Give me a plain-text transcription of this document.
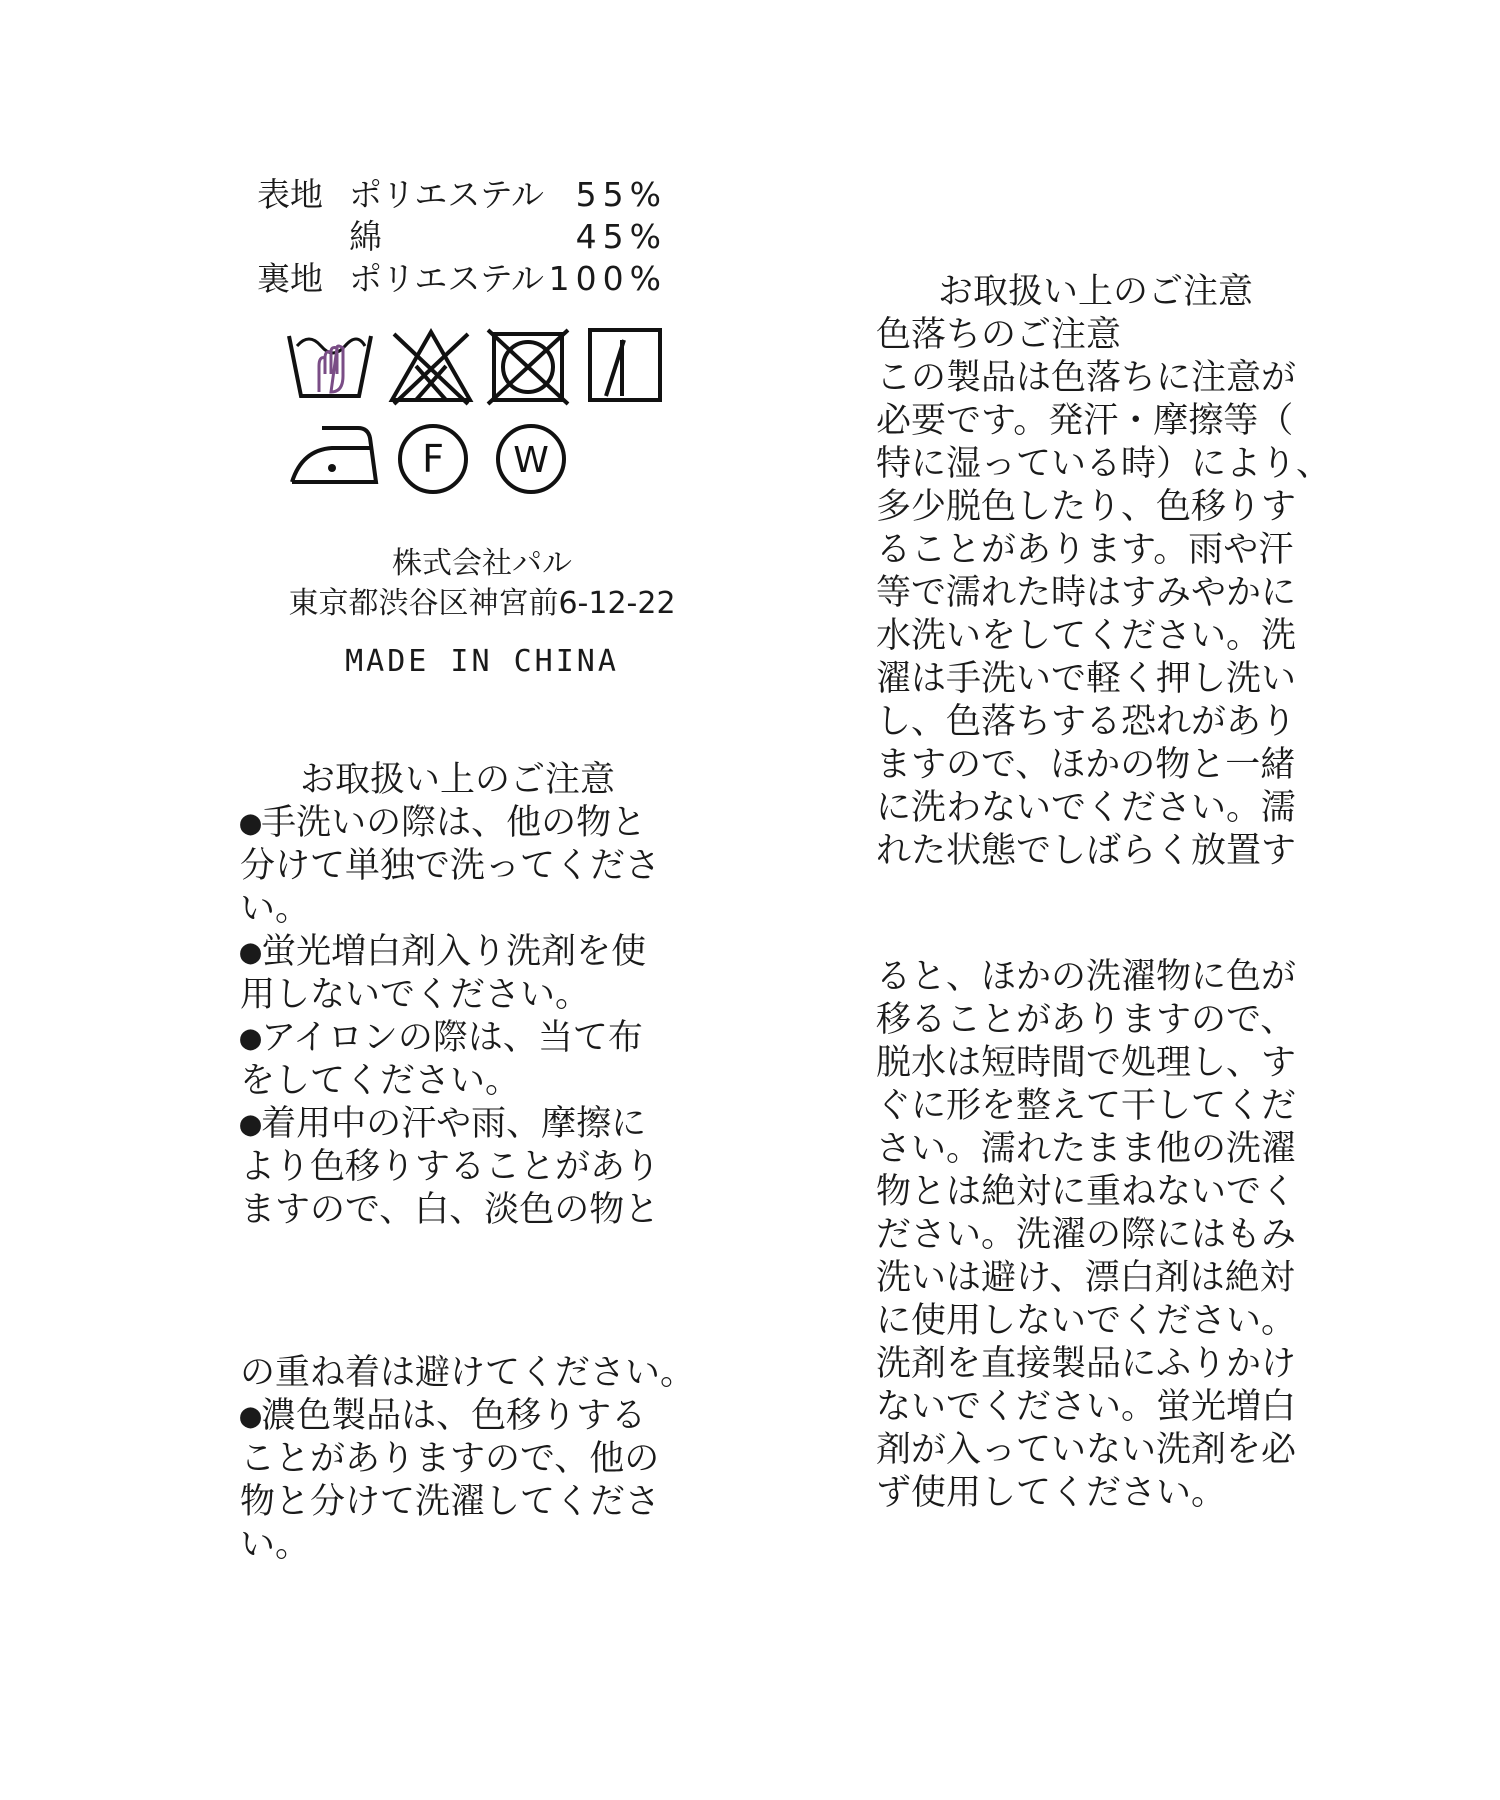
表地 ポリエステル 55%
綿	45%
裏地 ポリエステル 100%
F W
株式会社パル
東京都渋谷区神宮前6-12-22
MADE IN CHINA
お取扱い上のご注意
●手洗いの際は、他の物と
分けて単独で洗ってくださ
い。
●蛍光増白剤入り洗剤を使
用しないでください。
●アイロンの際は、当て布
をしてください。
●着用中の汗や雨、摩擦に
より色移りすることがあり
ますので、白、淡色の物と
の重ね着は避けてください。
●濃色製品は、色移りする
ことがありますので、他の
物と分けて洗濯してくださ
い。
お取扱い上のご注意
色落ちのご注意
この製品は色落ちに注意が
必要です。発汗・摩擦等（
特に湿っている時）により、
多少脱色したり、色移りす
ることがあります。雨や汗
等で濡れた時はすみやかに
水洗いをしてください。洗
濯は手洗いで軽く押し洗い
し、色落ちする恐れがあり
ますので、ほかの物と一緒
に洗わないでください。濡
れた状態でしばらく放置す
ると、ほかの洗濯物に色が
移ることがありますので、
脱水は短時間で処理し、す
ぐに形を整えて干してくだ
さい。濡れたまま他の洗濯
物とは絶対に重ねないでく
ださい。洗濯の際にはもみ
洗いは避け、漂白剤は絶対
に使用しないでください。
洗剤を直接製品にふりかけ
ないでください。蛍光増白
剤が入っていない洗剤を必
ず使用してください。
